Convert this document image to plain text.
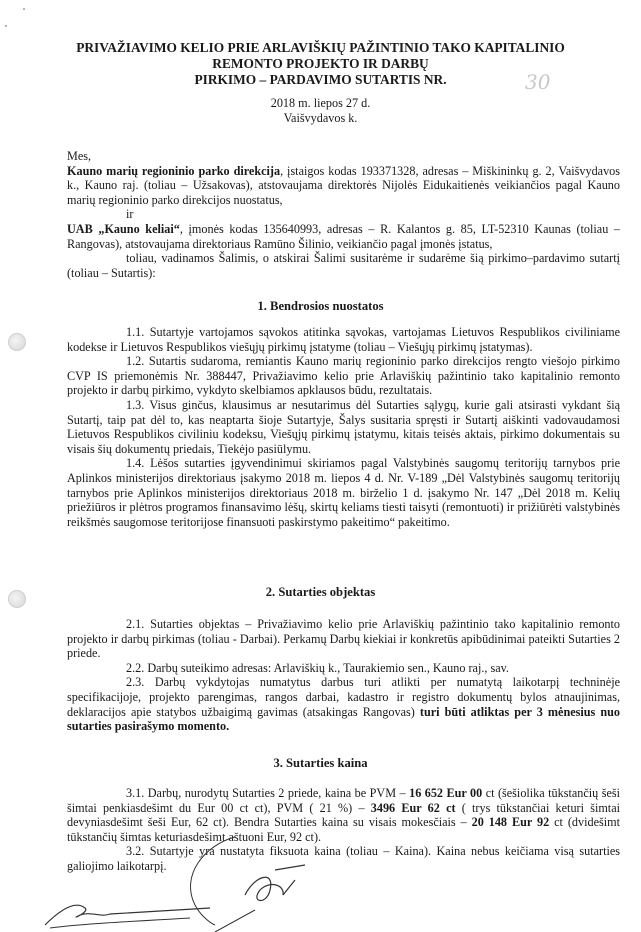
PRIVAŽIAVIMO KELIO PRIE ARLAVIŠKIŲ PAŽINTINIO TAKO KAPITALINIO
REMONTO PROJEKTO IR DARBŲ
PIRKIMO – PARDAVIMO SUTARTIS NR.	30
2018 m. liepos 27 d.
Vaišvydavos k.

Mes,

Kauno marių regioninio parko direkcija, įstaigos kodas 193371328, adresas – Miškininkų g. 2, Vaišvydavos k., Kauno raj. (toliau – Užsakovas), atstovaujama direktorės Nijolės Eidukaitienės veikiančios pagal Kauno marių regioninio parko direkcijos nuostatus,

ir

UAB „Kauno keliai“, įmonės kodas 135640993, adresas – R. Kalantos g. 85, LT-52310 Kaunas (toliau – Rangovas), atstovaujama direktoriaus Ramūno Šilinio, veikiančio pagal įmonės įstatus,

toliau, vadinamos Šalimis, o atskirai Šalimi susitarėme ir sudarėme šią pirkimo–pardavimo sutartį (toliau – Sutartis):

1. Bendrosios nuostatos

1.1. Sutartyje vartojamos sąvokos atitinka sąvokas, vartojamas Lietuvos Respublikos civiliniame kodekse ir Lietuvos Respublikos viešųjų pirkimų įstatyme (toliau – Viešųjų pirkimų įstatymas).

1.2. Sutartis sudaroma, remiantis Kauno marių regioninio parko direkcijos rengto viešojo pirkimo CVP IS priemonėmis Nr. 388447, Privažiavimo kelio prie Arlaviškių pažintinio tako kapitalinio remonto projekto ir darbų pirkimo, vykdyto skelbiamos apklausos būdu, rezultatais.

1.3. Visus ginčus, klausimus ar nesutarimus dėl Sutarties sąlygų, kurie gali atsirasti vykdant šią Sutartį, taip pat dėl to, kas neaptarta šioje Sutartyje, Šalys susitaria spręsti ir Sutartį aiškinti vadovaudamosi Lietuvos Respublikos civiliniu kodeksu, Viešųjų pirkimų įstatymu, kitais teisės aktais, pirkimo dokumentais su visais šių dokumentų priedais, Tiekėjo pasiūlymu.

1.4. Lėšos sutarties įgyvendinimui skiriamos pagal Valstybinės saugomų teritorijų tarnybos prie Aplinkos ministerijos direktoriaus įsakymo 2018 m. liepos 4 d. Nr. V-189 „Dėl Valstybinės saugomų teritorijų tarnybos prie Aplinkos ministerijos direktoriaus 2018 m. birželio 1 d. įsakymo Nr. 147 „Dėl 2018 m. Kelių priežiūros ir plėtros programos finansavimo lėšų, skirtų keliams tiesti taisyti (remontuoti) ir prižiūrėti valstybinės reikšmės saugomose teritorijose finansuoti paskirstymo pakeitimo“ pakeitimo.

2. Sutarties objektas

2.1. Sutarties objektas – Privažiavimo kelio prie Arlaviškių pažintinio tako kapitalinio remonto projekto ir darbų pirkimas (toliau - Darbai). Perkamų Darbų kiekiai ir konkretūs apibūdinimai pateikti Sutarties 2 priede.

2.2. Darbų suteikimo adresas: Arlaviškių k., Taurakiemio sen., Kauno raj., sav.

2.3. Darbų vykdytojas numatytus darbus turi atlikti per numatytą laikotarpį techninėje specifikacijoje, projekto parengimas, rangos darbai, kadastro ir registro dokumentų bylos atnaujinimas, deklaracijos apie statybos užbaigimą gavimas (atsakingas Rangovas) turi būti atliktas per 3 mėnesius nuo sutarties pasirašymo momento.

3. Sutarties kaina

3.1. Darbų, nurodytų Sutarties 2 priede, kaina be PVM – 16 652 Eur 00 ct (šešiolika tūkstančių šeši šimtai penkiasdešimt du Eur 00 ct ct), PVM ( 21 %) – 3496 Eur 62 ct ( trys tūkstančiai keturi šimtai devyniasdešimt šeši Eur, 62 ct). Bendra Sutarties kaina su visais mokesčiais – 20 148 Eur 92 ct (dvidešimt tūkstančių šimtas keturiasdešimt aštuoni Eur, 92 ct).

3.2. Sutartyje yra nustatyta fiksuota kaina (toliau – Kaina). Kaina nebus keičiama visą sutarties galiojimo laikotarpį.
